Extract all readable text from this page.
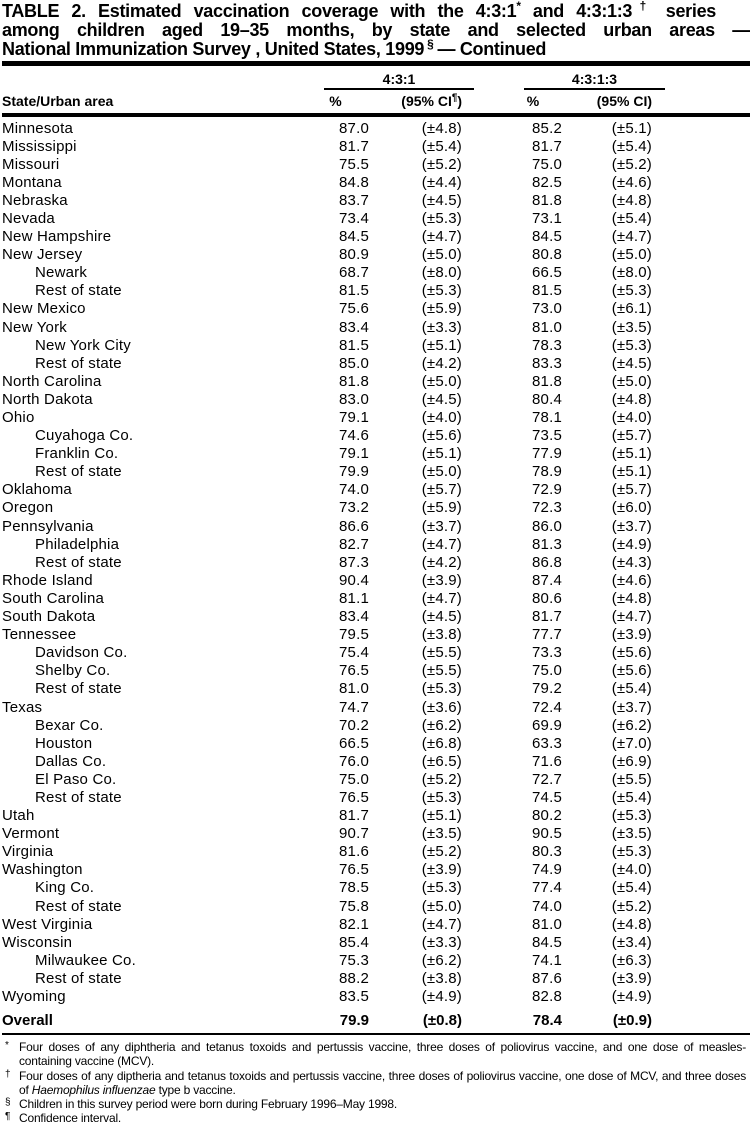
TABLE 2. Estimated vaccination coverage with the 4:3:1* and 4:3:1:3† series
among children aged 19–35 months, by state and selected urban areas —
National Immunization Survey , United States, 1999 § — Continued
4:3:1	4:3:1:3
State/Urban area	%	(95% CI¶)	%	(95% CI)
Minnesota	87.0	(±4.8)	85.2	(±5.1)
Mississippi	81.7	(±5.4)	81.7	(±5.4)
Missouri	75.5	(±5.2)	75.0	(±5.2)
Montana	84.8	(±4.4)	82.5	(±4.6)
Nebraska	83.7	(±4.5)	81.8	(±4.8)
Nevada	73.4	(±5.3)	73.1	(±5.4)
New Hampshire	84.5	(±4.7)	84.5	(±4.7)
New Jersey	80.9	(±5.0)	80.8	(±5.0)
Newark	68.7	(±8.0)	66.5	(±8.0)
Rest of state	81.5	(±5.3)	81.5	(±5.3)
New Mexico	75.6	(±5.9)	73.0	(±6.1)
New York	83.4	(±3.3)	81.0	(±3.5)
New York City	81.5	(±5.1)	78.3	(±5.3)
Rest of state	85.0	(±4.2)	83.3	(±4.5)
North Carolina	81.8	(±5.0)	81.8	(±5.0)
North Dakota	83.0	(±4.5)	80.4	(±4.8)
Ohio	79.1	(±4.0)	78.1	(±4.0)
Cuyahoga Co.	74.6	(±5.6)	73.5	(±5.7)
Franklin Co.	79.1	(±5.1)	77.9	(±5.1)
Rest of state	79.9	(±5.0)	78.9	(±5.1)
Oklahoma	74.0	(±5.7)	72.9	(±5.7)
Oregon	73.2	(±5.9)	72.3	(±6.0)
Pennsylvania	86.6	(±3.7)	86.0	(±3.7)
Philadelphia	82.7	(±4.7)	81.3	(±4.9)
Rest of state	87.3	(±4.2)	86.8	(±4.3)
Rhode Island	90.4	(±3.9)	87.4	(±4.6)
South Carolina	81.1	(±4.7)	80.6	(±4.8)
South Dakota	83.4	(±4.5)	81.7	(±4.7)
Tennessee	79.5	(±3.8)	77.7	(±3.9)
Davidson Co.	75.4	(±5.5)	73.3	(±5.6)
Shelby Co.	76.5	(±5.5)	75.0	(±5.6)
Rest of state	81.0	(±5.3)	79.2	(±5.4)
Texas	74.7	(±3.6)	72.4	(±3.7)
Bexar Co.	70.2	(±6.2)	69.9	(±6.2)
Houston	66.5	(±6.8)	63.3	(±7.0)
Dallas Co.	76.0	(±6.5)	71.6	(±6.9)
El Paso Co.	75.0	(±5.2)	72.7	(±5.5)
Rest of state	76.5	(±5.3)	74.5	(±5.4)
Utah	81.7	(±5.1)	80.2	(±5.3)
Vermont	90.7	(±3.5)	90.5	(±3.5)
Virginia	81.6	(±5.2)	80.3	(±5.3)
Washington	76.5	(±3.9)	74.9	(±4.0)
King Co.	78.5	(±5.3)	77.4	(±5.4)
Rest of state	75.8	(±5.0)	74.0	(±5.2)
West Virginia	82.1	(±4.7)	81.0	(±4.8)
Wisconsin	85.4	(±3.3)	84.5	(±3.4)
Milwaukee Co.	75.3	(±6.2)	74.1	(±6.3)
Rest of state	88.2	(±3.8)	87.6	(±3.9)
Wyoming	83.5	(±4.9)	82.8	(±4.9)
Overall	79.9	(±0.8)	78.4	(±0.9)
* Four doses of any diphtheria and tetanus toxoids and pertussis vaccine, three doses of poliovirus vaccine, and one dose of measles-containing vaccine (MCV).
† Four doses of any diptheria and tetanus toxoids and pertussis vaccine, three doses of poliovirus vaccine, one dose of MCV, and three doses of Haemophilus influenzae type b vaccine.
§ Children in this survey period were born during February 1996–May 1998.
¶ Confidence interval.
